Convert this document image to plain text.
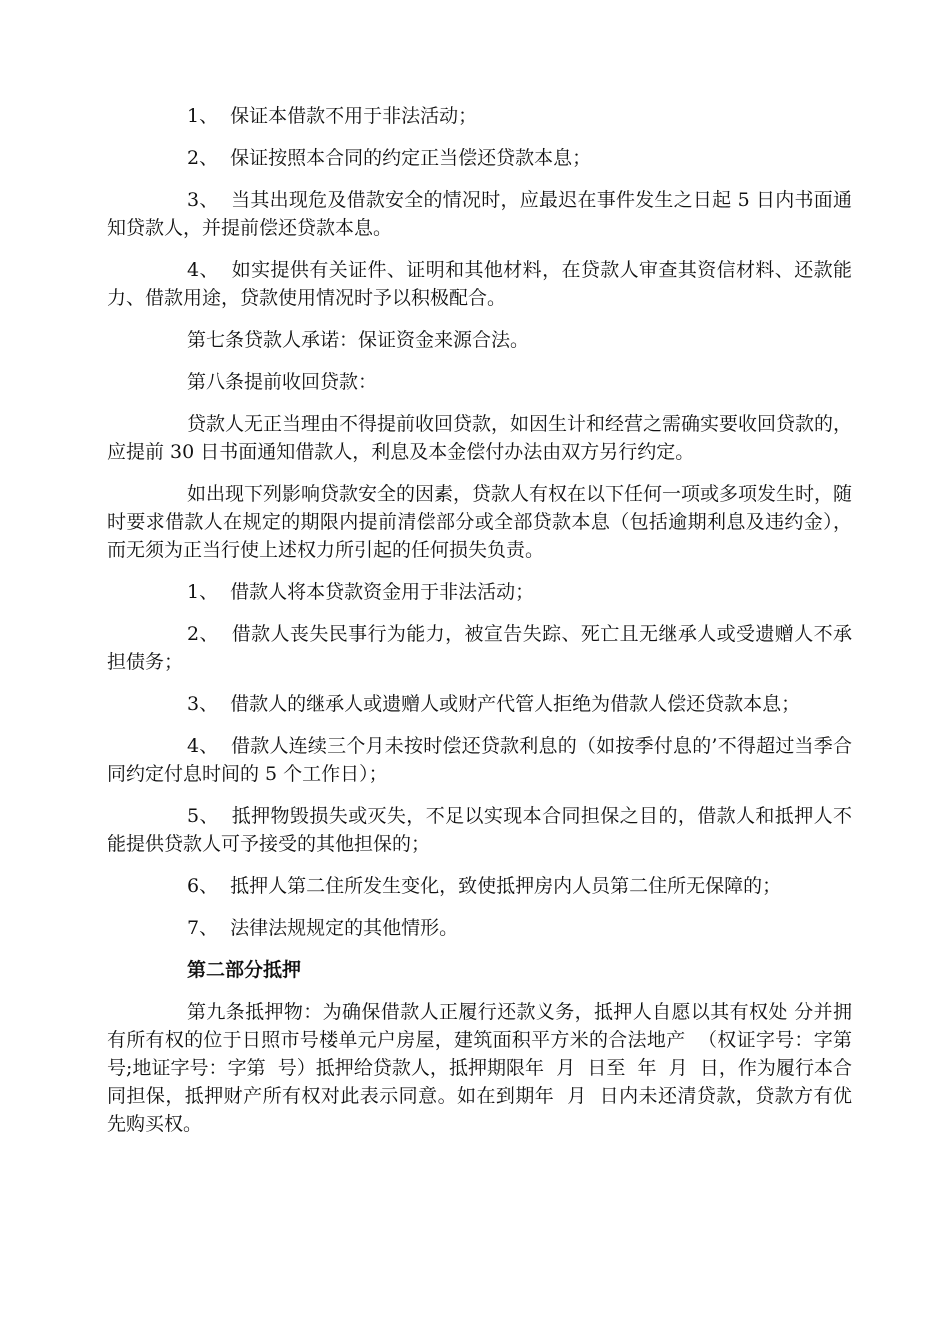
1、  保证本借款不用于非法活动；

2、  保证按照本合同的约定正当偿还贷款本息；

3、  当其出现危及借款安全的情况时，应最迟在事件发生之日起 5 日内书面通知贷款人，并提前偿还贷款本息。

4、  如实提供有关证件、证明和其他材料，在贷款人审查其资信材料、还款能力、借款用途，贷款使用情况时予以积极配合。

第七条贷款人承诺：保证资金来源合法。

第八条提前收回贷款：

贷款人无正当理由不得提前收回贷款，如因生计和经营之需确实要收回贷款的，应提前 30 日书面通知借款人，利息及本金偿付办法由双方另行约定。

如出现下列影响贷款安全的因素，贷款人有权在以下任何一项或多项发生时，随时要求借款人在规定的期限内提前清偿部分或全部贷款本息（包括逾期利息及违约金），而无须为正当行使上述权力所引起的任何损失负责。

1、  借款人将本贷款资金用于非法活动；

2、  借款人丧失民事行为能力，被宣告失踪、死亡且无继承人或受遗赠人不承担债务；

3、  借款人的继承人或遗赠人或财产代管人拒绝为借款人偿还贷款本息；

4、  借款人连续三个月未按时偿还贷款利息的（如按季付息的’不得超过当季合同约定付息时间的 5 个工作日）；

5、  抵押物毁损失或灭失，不足以实现本合同担保之目的，借款人和抵押人不能提供贷款人可予接受的其他担保的；

6、  抵押人第二住所发生变化，致使抵押房内人员第二住所无保障的；

7、  法律法规规定的其他情形。

第二部分抵押

第九条抵押物：为确保借款人正履行还款义务，抵押人自愿以其有权处 分并拥有所有权的位于日照市号楼单元户房屋，建筑面积平方米的合法地产  （权证字号：字第  号;地证字号：字第  号）抵押给贷款人，抵押期限年  月  日至  年  月  日，作为履行本合同担保，抵押财产所有权对此表示同意。如在到期年  月  日内未还清贷款，贷款方有优先购买权。
